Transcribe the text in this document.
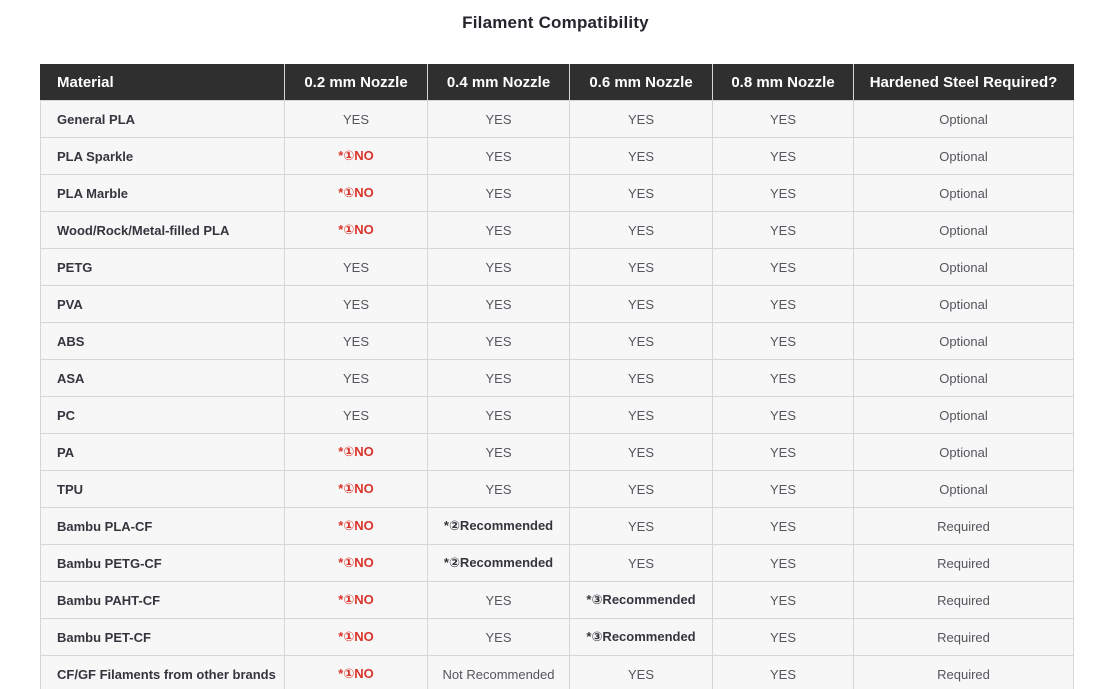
Filament Compatibility
Material	0.2 mm Nozzle	0.4 mm Nozzle	0.6 mm Nozzle	0.8 mm Nozzle	Hardened Steel Required?
General PLA	YES	YES	YES	YES	Optional
PLA Sparkle	*①NO	YES	YES	YES	Optional
PLA Marble	*①NO	YES	YES	YES	Optional
Wood/Rock/Metal-filled PLA	*①NO	YES	YES	YES	Optional
PETG	YES	YES	YES	YES	Optional
PVA	YES	YES	YES	YES	Optional
ABS	YES	YES	YES	YES	Optional
ASA	YES	YES	YES	YES	Optional
PC	YES	YES	YES	YES	Optional
PA	*①NO	YES	YES	YES	Optional
TPU	*①NO	YES	YES	YES	Optional
Bambu PLA-CF	*①NO	*②Recommended	YES	YES	Required
Bambu PETG-CF	*①NO	*②Recommended	YES	YES	Required
Bambu PAHT-CF	*①NO	YES	*③Recommended	YES	Required
Bambu PET-CF	*①NO	YES	*③Recommended	YES	Required
CF/GF Filaments from other brands	*①NO	Not Recommended	YES	YES	Required
